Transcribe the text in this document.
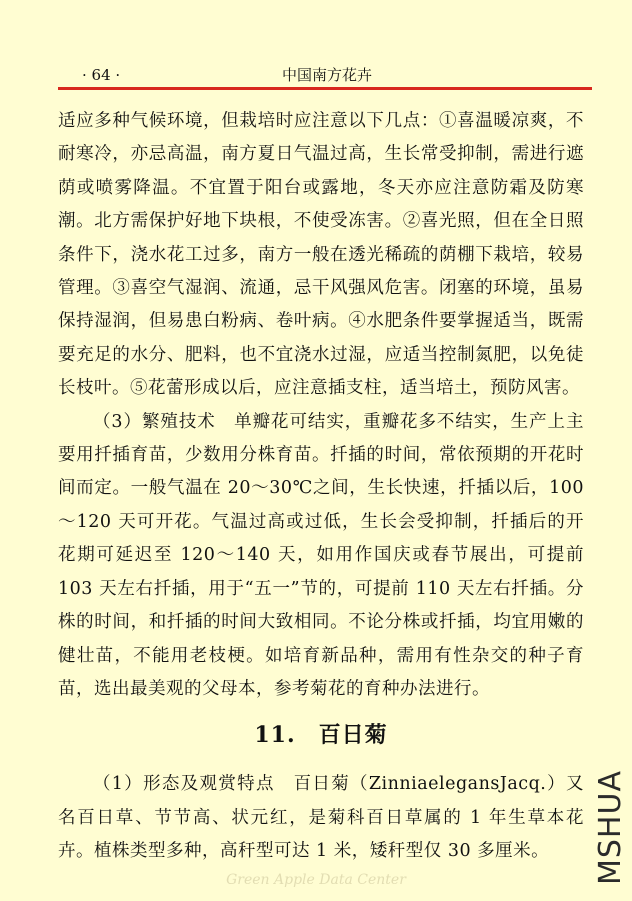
· 64 ·	中国南方花卉

适应多种气候环境，但栽培时应注意以下几点：①喜温暖凉爽，不耐寒冷，亦忌高温，南方夏日气温过高，生长常受抑制，需进行遮荫或喷雾降温。不宜置于阳台或露地，冬天亦应注意防霜及防寒潮。北方需保护好地下块根，不使受冻害。②喜光照，但在全日照条件下，浇水花工过多，南方一般在透光稀疏的荫棚下栽培，较易管理。③喜空气湿润、流通，忌干风强风危害。闭塞的环境，虽易保持湿润，但易患白粉病、卷叶病。④水肥条件要掌握适当，既需要充足的水分、肥料，也不宜浇水过湿，应适当控制氮肥，以免徒长枝叶。⑤花蕾形成以后，应注意插支柱，适当培土，预防风害。

（3）繁殖技术　单瓣花可结实，重瓣花多不结实，生产上主要用扦插育苗，少数用分株育苗。扦插的时间，常依预期的开花时间而定。一般气温在 20～30℃之间，生长快速，扦插以后，100～120 天可开花。气温过高或过低，生长会受抑制，扦插后的开花期可延迟至 120～140 天，如用作国庆或春节展出，可提前 103 天左右扦插，用于“五一”节的，可提前 110 天左右扦插。分株的时间，和扦插的时间大致相同。不论分株或扦插，均宜用嫩的健壮苗，不能用老枝梗。如培育新品种，需用有性杂交的种子育苗，选出最美观的父母本，参考菊花的育种办法进行。

11.　百日菊

（1）形态及观赏特点　百日菊（ZinniaelegansJacq.）又名百日草、节节高、状元红，是菊科百日草属的 1 年生草本花卉。植株类型多种，高秆型可达 1 米，矮秆型仅 30 多厘米。

Green Apple Data Center	MSHUA
